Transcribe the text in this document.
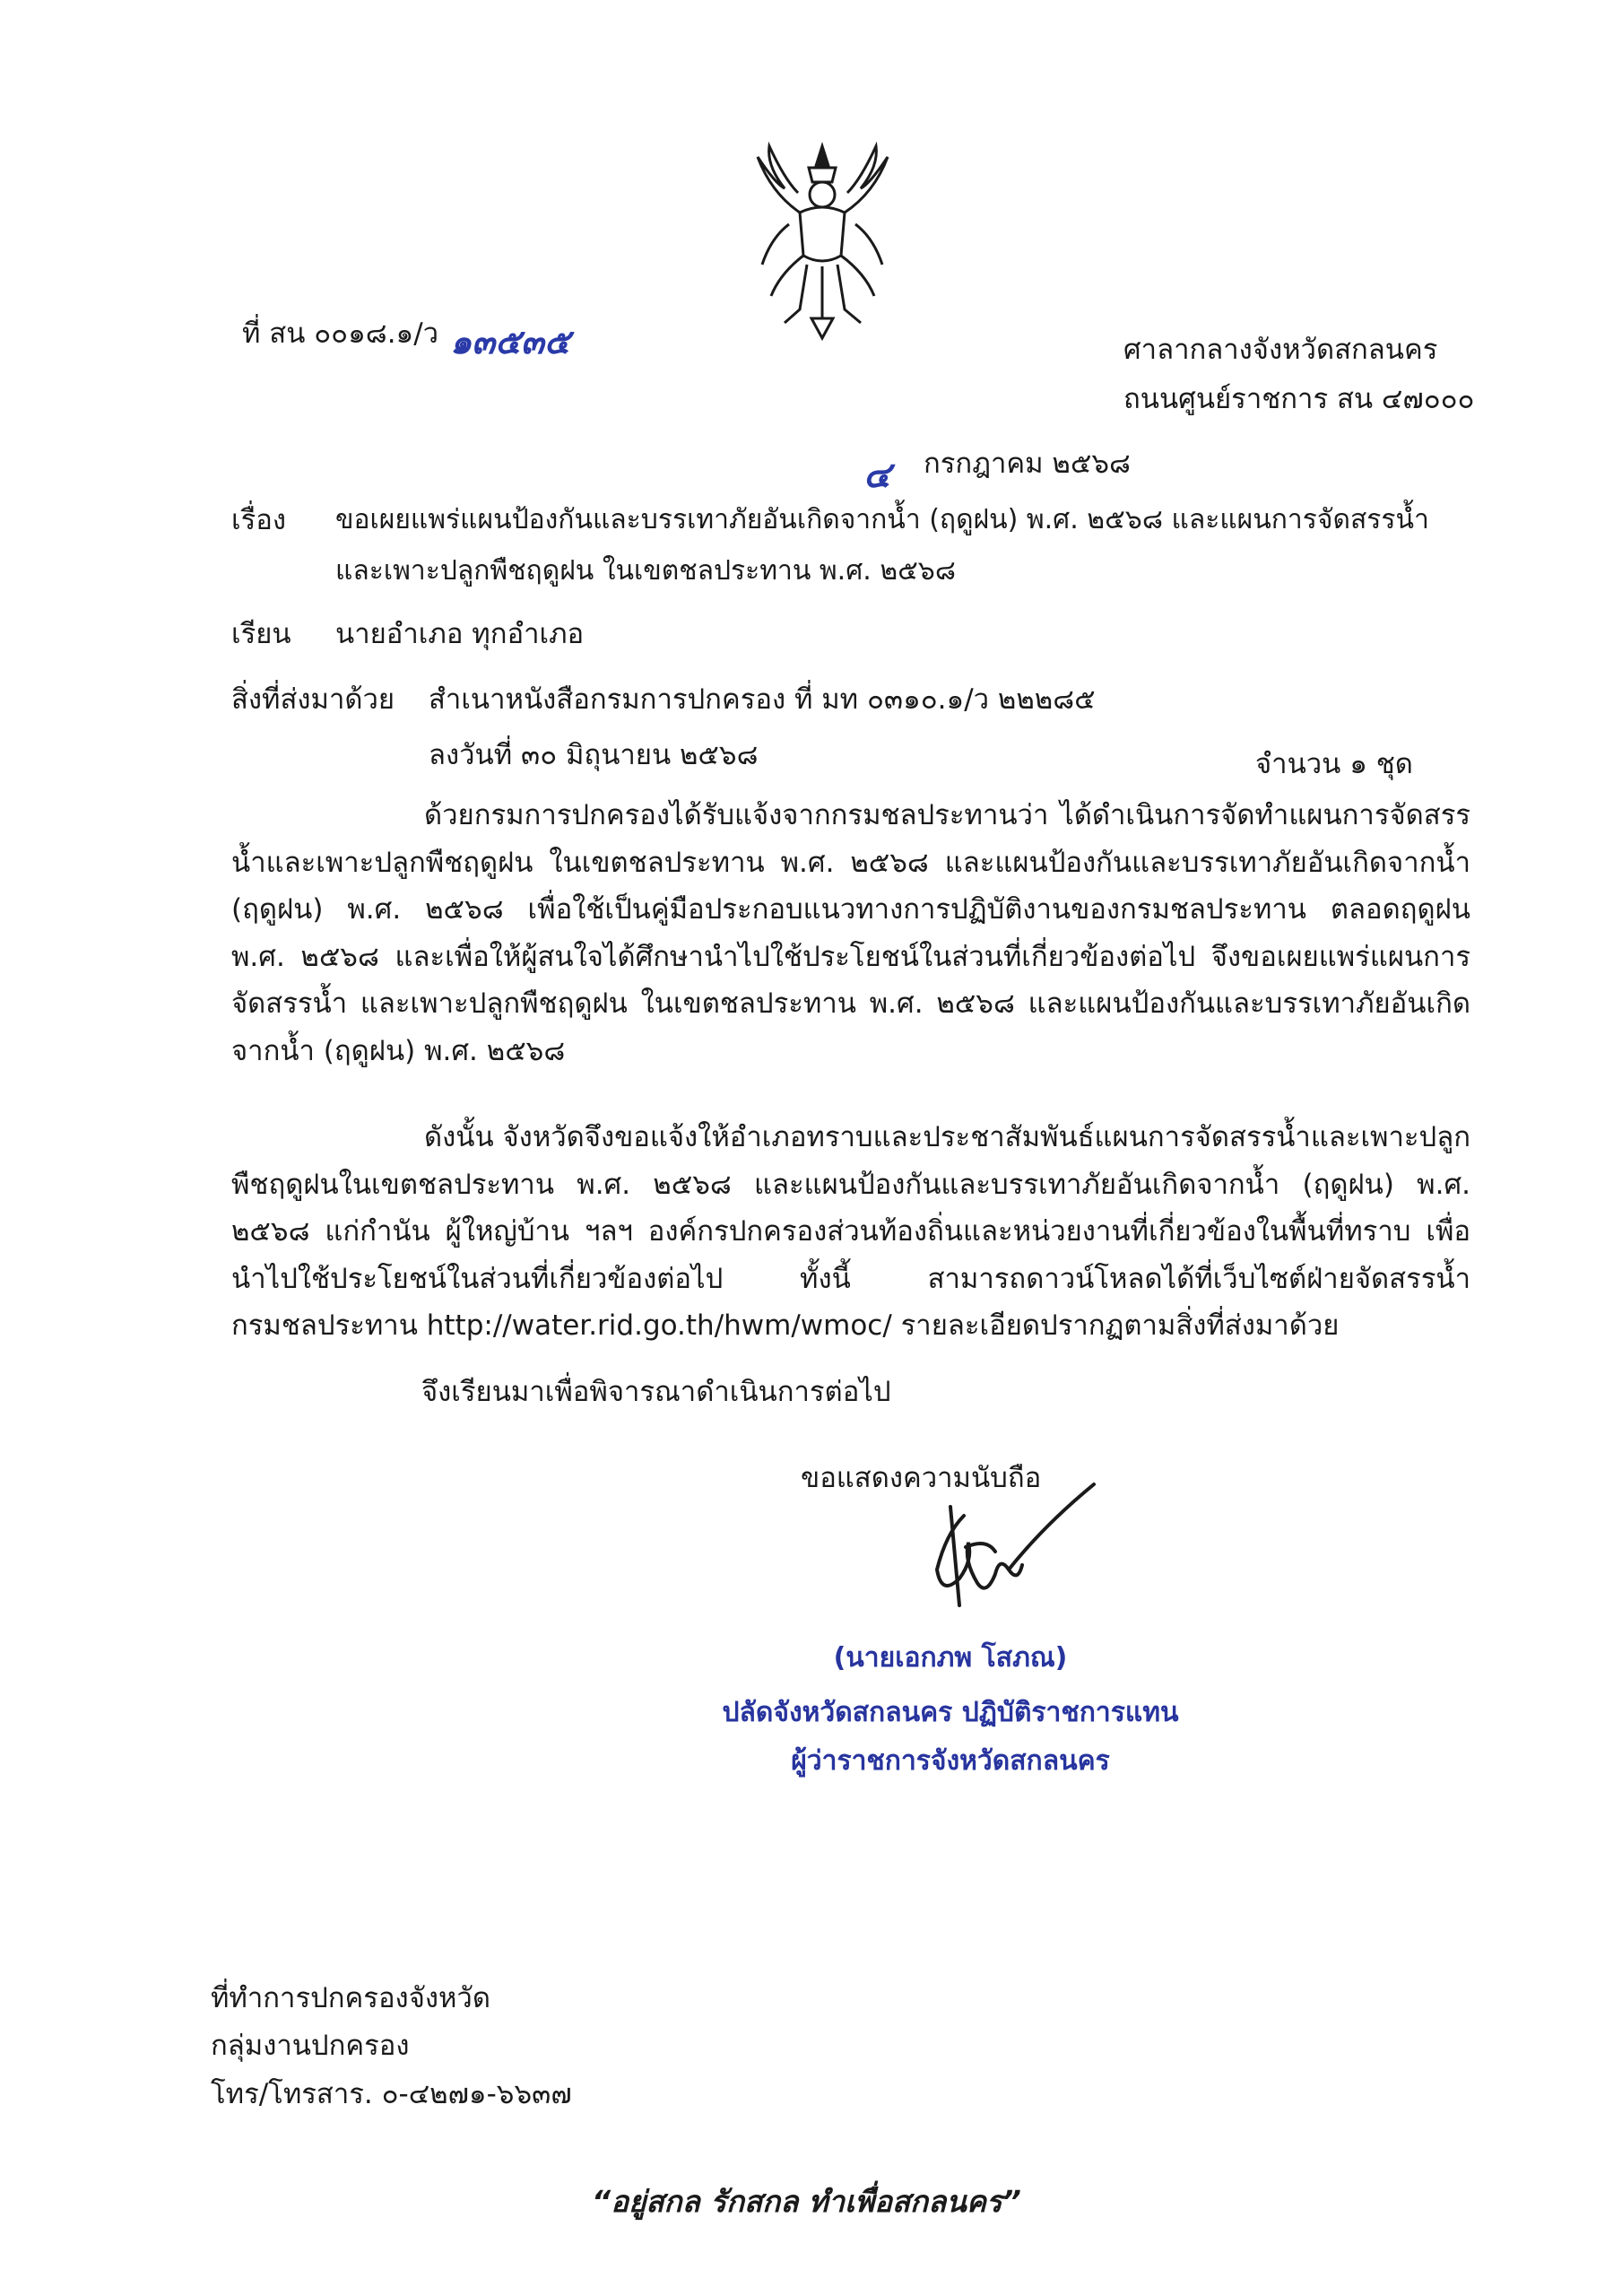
ที่ สน ๐๐๑๘.๑/ว ๑๓๕๓๕	ศาลากลางจังหวัดสกลนคร
ถนนศูนย์ราชการ สน ๔๗๐๐๐
๔ กรกฎาคม ๒๕๖๘
เรื่อง ขอเผยแพร่แผนป้องกันและบรรเทาภัยอันเกิดจากน้ำ (ฤดูฝน) พ.ศ. ๒๕๖๘ และแผนการจัดสรรน้ำ
และเพาะปลูกพืชฤดูฝน ในเขตชลประทาน พ.ศ. ๒๕๖๘
เรียน นายอำเภอ ทุกอำเภอ
สิ่งที่ส่งมาด้วย สำเนาหนังสือกรมการปกครอง ที่ มท ๐๓๑๐.๑/ว ๒๒๒๘๕
ลงวันที่ ๓๐ มิถุนายน ๒๕๖๘	จำนวน ๑ ชุด

ด้วยกรมการปกครองได้รับแจ้งจากกรมชลประทานว่า ได้ดำเนินการจัดทำแผนการจัดสรรน้ำและเพาะปลูกพืชฤดูฝน ในเขตชลประทาน พ.ศ. ๒๕๖๘ และแผนป้องกันและบรรเทาภัยอันเกิดจากน้ำ (ฤดูฝน) พ.ศ. ๒๕๖๘ เพื่อใช้เป็นคู่มือประกอบแนวทางการปฏิบัติงานของกรมชลประทาน ตลอดฤดูฝน พ.ศ. ๒๕๖๘ และเพื่อให้ผู้สนใจได้ศึกษานำไปใช้ประโยชน์ในส่วนที่เกี่ยวข้องต่อไป จึงขอเผยแพร่แผนการจัดสรรน้ำ และเพาะปลูกพืชฤดูฝน ในเขตชลประทาน พ.ศ. ๒๕๖๘ และแผนป้องกันและบรรเทาภัยอันเกิดจากน้ำ (ฤดูฝน) พ.ศ. ๒๕๖๘

ดังนั้น จังหวัดจึงขอแจ้งให้อำเภอทราบและประชาสัมพันธ์แผนการจัดสรรน้ำและเพาะปลูกพืชฤดูฝนในเขตชลประทาน พ.ศ. ๒๕๖๘ และแผนป้องกันและบรรเทาภัยอันเกิดจากน้ำ (ฤดูฝน) พ.ศ. ๒๕๖๘ แก่กำนัน ผู้ใหญ่บ้าน ฯลฯ องค์กรปกครองส่วนท้องถิ่นและหน่วยงานที่เกี่ยวข้องในพื้นที่ทราบ เพื่อนำไปใช้ประโยชน์ในส่วนที่เกี่ยวข้องต่อไป ทั้งนี้ สามารถดาวน์โหลดได้ที่เว็บไซต์ฝ่ายจัดสรรน้ำ กรมชลประทาน http://water.rid.go.th/hwm/wmoc/ รายละเอียดปรากฏตามสิ่งที่ส่งมาด้วย

จึงเรียนมาเพื่อพิจารณาดำเนินการต่อไป
ขอแสดงความนับถือ
(นายเอกภพ โสภณ)
ปลัดจังหวัดสกลนคร ปฏิบัติราชการแทน
ผู้ว่าราชการจังหวัดสกลนคร
ที่ทำการปกครองจังหวัด
กลุ่มงานปกครอง
โทร/โทรสาร. ๐-๔๒๗๑-๖๖๓๗
“อยู่สกล รักสกล ทำเพื่อสกลนคร”
